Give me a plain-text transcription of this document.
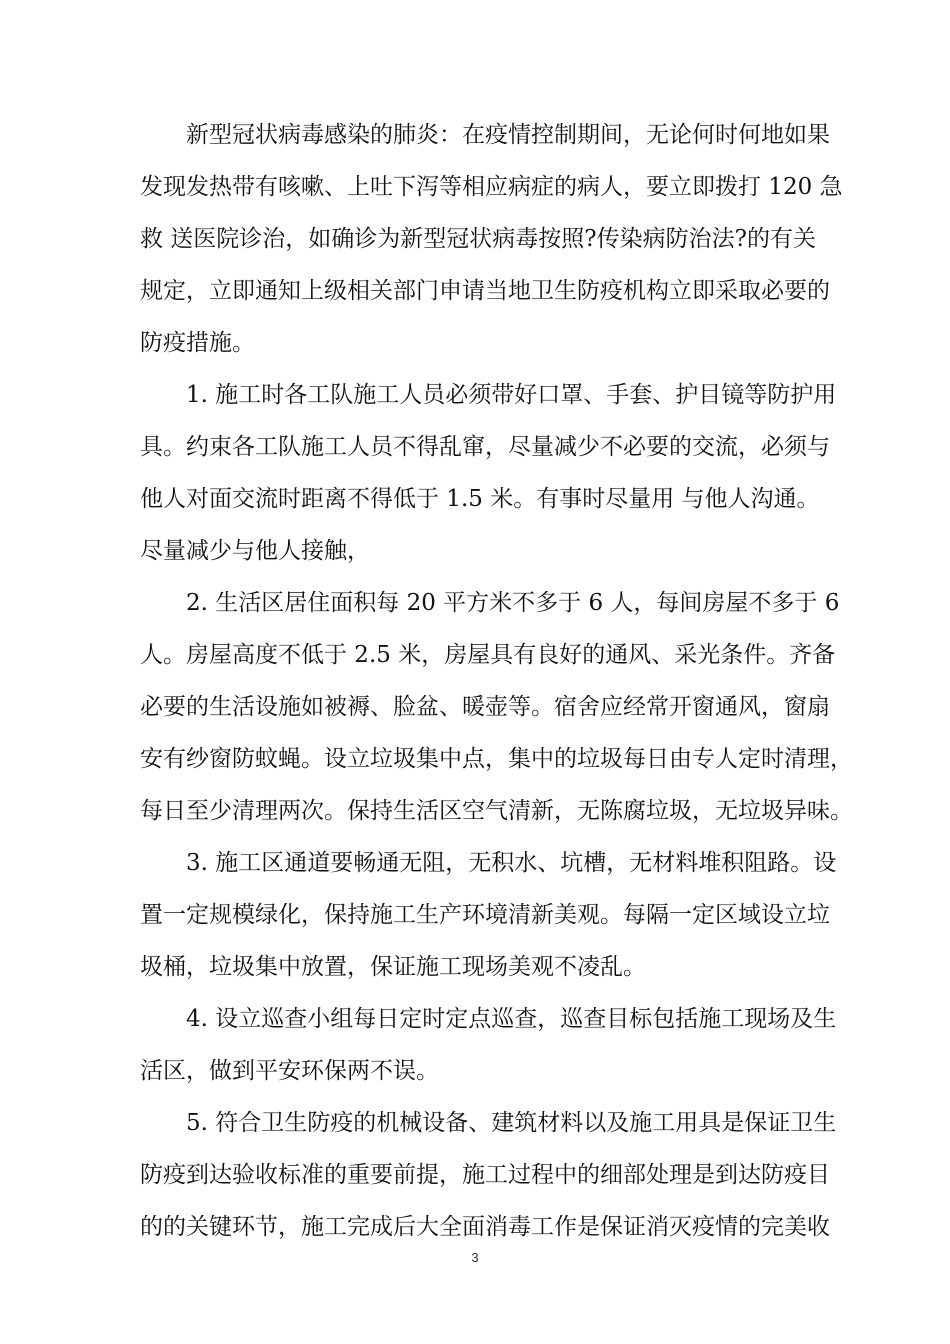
新型冠状病毒感染的肺炎：在疫情控制期间，无论何时何地如果
发现发热带有咳嗽、上吐下泻等相应病症的病人，要立即拨打 120 急
救 送医院诊治，如确诊为新型冠状病毒按照?传染病防治法?的有关
规定，立即通知上级相关部门申请当地卫生防疫机构立即采取必要的
防疫措施。
1. 施工时各工队施工人员必须带好口罩、手套、护目镜等防护用
具。约束各工队施工人员不得乱窜，尽量减少不必要的交流，必须与
他人对面交流时距离不得低于 1.5 米。有事时尽量用 与他人沟通。
尽量减少与他人接触，
2. 生活区居住面积每 20 平方米不多于 6 人，每间房屋不多于 6
人。房屋高度不低于 2.5 米，房屋具有良好的通风、采光条件。齐备
必要的生活设施如被褥、脸盆、暖壶等。宿舍应经常开窗通风，窗扇
安有纱窗防蚊蝇。设立垃圾集中点，集中的垃圾每日由专人定时清理，
每日至少清理两次。保持生活区空气清新，无陈腐垃圾，无垃圾异味。
3. 施工区通道要畅通无阻，无积水、坑槽，无材料堆积阻路。设
置一定规模绿化，保持施工生产环境清新美观。每隔一定区域设立垃
圾桶，垃圾集中放置，保证施工现场美观不凌乱。
4. 设立巡查小组每日定时定点巡查，巡查目标包括施工现场及生
活区，做到平安环保两不误。
5. 符合卫生防疫的机械设备、建筑材料以及施工用具是保证卫生
防疫到达验收标准的重要前提，施工过程中的细部处理是到达防疫目
的的关键环节，施工完成后大全面消毒工作是保证消灭疫情的完美收
3
